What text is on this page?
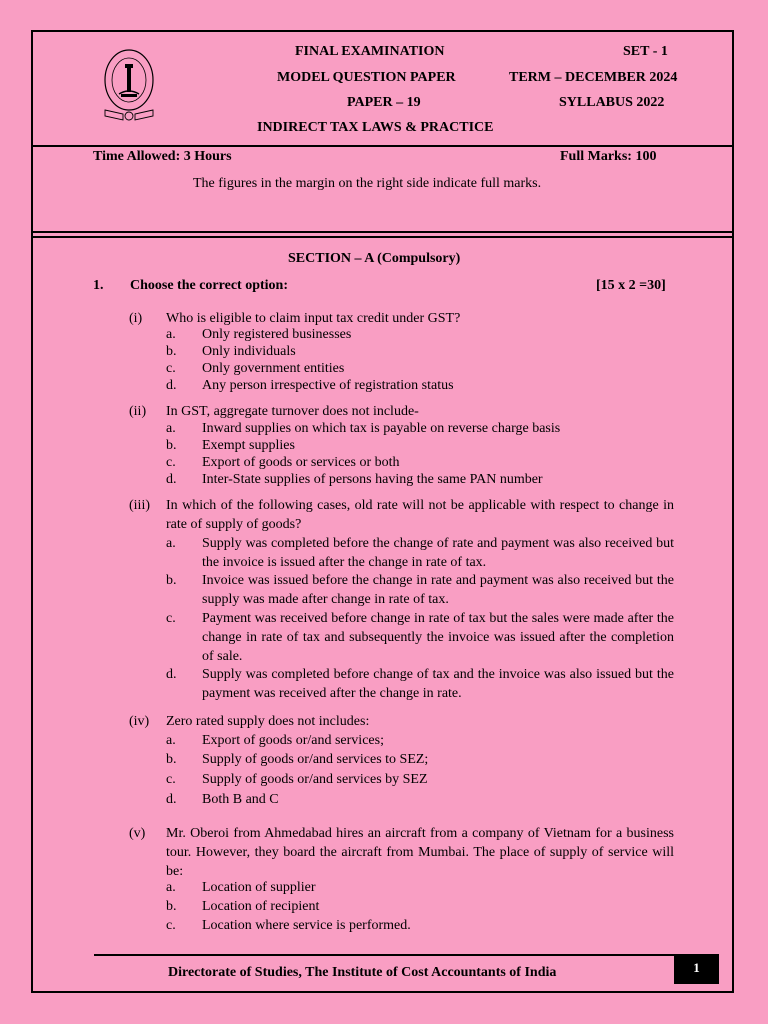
FINAL EXAMINATION	SET - 1
MODEL QUESTION PAPER	TERM – DECEMBER 2024
PAPER – 19	SYLLABUS 2022
INDIRECT TAX LAWS & PRACTICE
Time Allowed: 3 Hours	Full Marks: 100
The figures in the margin on the right side indicate full marks.
SECTION – A (Compulsory)
1. Choose the correct option:	[15 x 2 =30]
(i) Who is eligible to claim input tax credit under GST?
a. Only registered businesses
b. Only individuals
c. Only government entities
d. Any person irrespective of registration status
(ii) In GST, aggregate turnover does not include-
a. Inward supplies on which tax is payable on reverse charge basis
b. Exempt supplies
c. Export of goods or services or both
d. Inter-State supplies of persons having the same PAN number
(iii) In which of the following cases, old rate will not be applicable with respect to change in rate of supply of goods?
a. Supply was completed before the change of rate and payment was also received but the invoice is issued after the change in rate of tax.
b. Invoice was issued before the change in rate and payment was also received but the supply was made after change in rate of tax.
c. Payment was received before change in rate of tax but the sales were made after the change in rate of tax and subsequently the invoice was issued after the completion of sale.
d. Supply was completed before change of tax and the invoice was also issued but the payment was received after the change in rate.
(iv) Zero rated supply does not includes:
a. Export of goods or/and services;
b. Supply of goods or/and services to SEZ;
c. Supply of goods or/and services by SEZ
d. Both B and C
(v) Mr. Oberoi from Ahmedabad hires an aircraft from a company of Vietnam for a business tour. However, they board the aircraft from Mumbai. The place of supply of service will be:
a. Location of supplier
b. Location of recipient
c. Location where service is performed.
Directorate of Studies, The Institute of Cost Accountants of India	1
